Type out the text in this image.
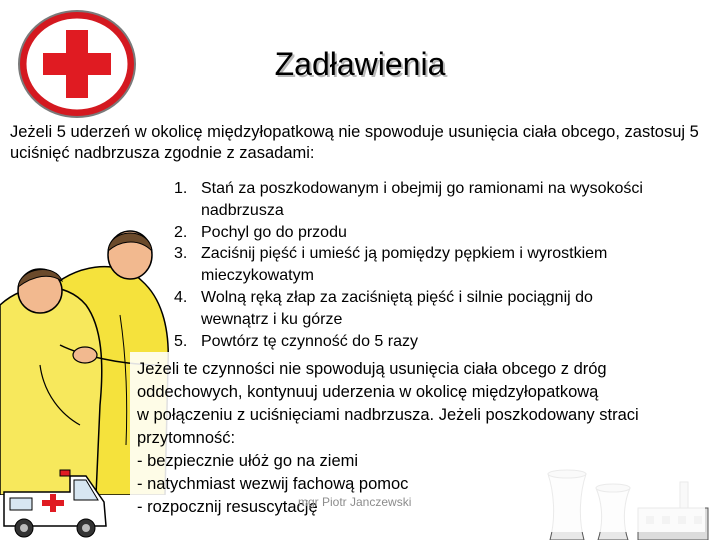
Zadławienia
Jeżeli 5 uderzeń w okolicę międzyłopatkową nie spowoduje usunięcia ciała obcego, zastosuj 5 uciśnięć nadbrzusza zgodnie z zasadami:
1. Stań za poszkodowanym i obejmij go ramionami na wysokości
nadbrzusza
2. Pochyl go do przodu
3. Zaciśnij pięść i umieść ją pomiędzy pępkiem i wyrostkiem
mieczykowatym
4. Wolną ręką złap za zaciśniętą pięść i silnie pociągnij do
wewnątrz i ku górze
5. Powtórz tę czynność do 5 razy
Jeżeli te czynności nie spowodują usunięcia ciała obcego z dróg
oddechowych, kontynuuj uderzenia w okolicę międzyłopatkową
w połączeniu z uciśnięciami nadbrzusza. Jeżeli poszkodowany straci
przytomność:
- bezpiecznie ułóż go na ziemi
- natychmiast wezwij fachową pomoc
- rozpocznij resuscytację
mgr Piotr Janczewski
